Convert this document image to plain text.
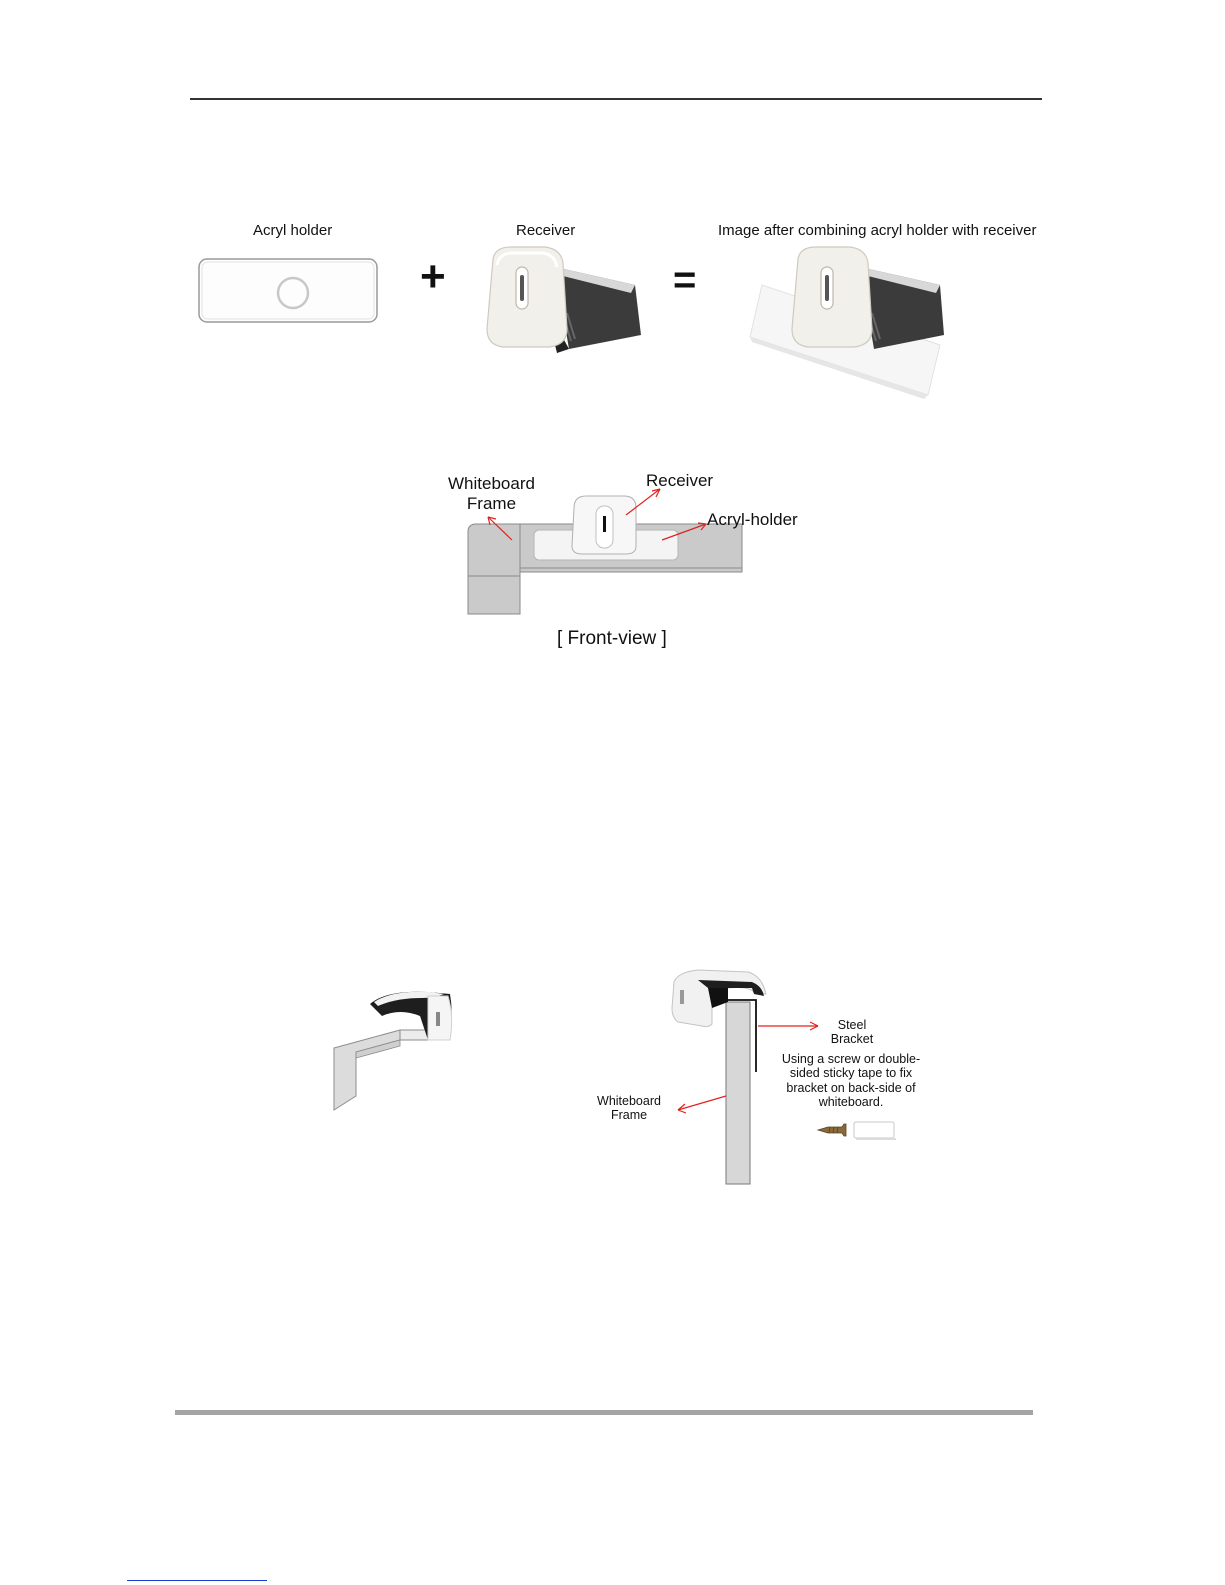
Acryl holder	Receiver	Image after combining acryl holder with receiver
+	=
Whiteboard
Frame
Receiver
Acryl-holder
[ Front-view ]
Steel
Bracket
Using a screw or double-
sided sticky tape to fix
bracket on back-side of
whiteboard.
Whiteboard
Frame
